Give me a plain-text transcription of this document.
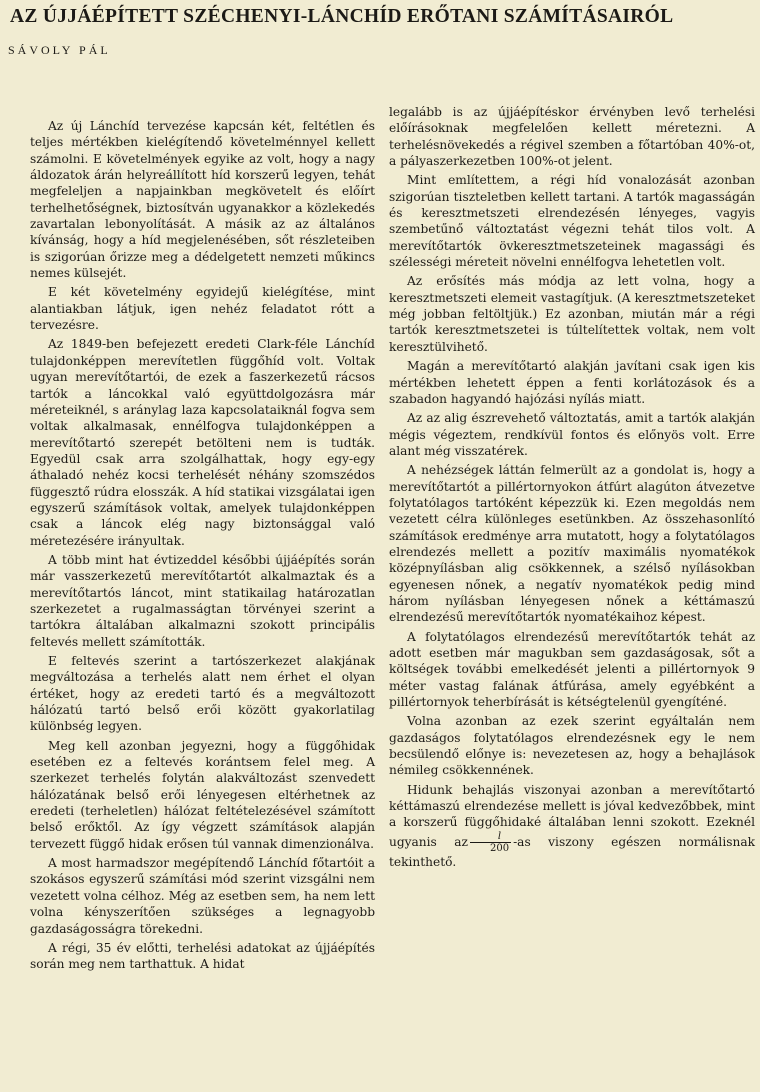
AZ ÚJJÁÉPÍTETT SZÉCHENYI-LÁNCHÍD ERŐTANI SZÁMÍTÁSAIRÓL
SÁVOLY PÁL

Az új Lánchíd tervezése kapcsán két, feltétlen és teljes mértékben kielégítendő követelménnyel kellett számolni. E követelmények egyike az volt, hogy a nagy áldozatok árán helyreállított híd korszerű legyen, tehát megfeleljen a napjainkban megkövetelt és előírt terhelhetőségnek, biztosítván ugyanakkor a közlekedés zavartalan lebonyolítását. A másik az az általános kívánság, hogy a híd megjelenésében, sőt részleteiben is szigorúan őrizze meg a dédelgetett nemzeti műkincs nemes külsejét.

E két követelmény egyidejű kielégítése, mint alantiakban látjuk, igen nehéz feladatot rótt a tervezésre.

Az 1849-ben befejezett eredeti Clark-féle Lánchíd tulajdonképpen merevítetlen függőhíd volt. Voltak ugyan merevítőtartói, de ezek a faszerkezetű rácsos tartók a láncokkal való együttdolgozásra már méreteiknél, s aránylag laza kapcsolataiknál fogva sem voltak alkalmasak, ennélfogva tulajdonképpen a merevítőtartó szerepét betölteni nem is tudták. Egyedül csak arra szolgálhattak, hogy egy-egy áthaladó nehéz kocsi terhelését néhány szomszédos függesztő rúdra elosszák. A híd statikai vizsgálatai igen egyszerű számítások voltak, amelyek tulajdonképpen csak a láncok elég nagy biztonsággal való méretezésére irányultak.

A több mint hat évtizeddel későbbi újjáépítés során már vasszerkezetű merevítőtartót alkalmaztak és a merevítőtartós láncot, mint statikailag határozatlan szerkezetet a rugalmasságtan törvényei szerint a tartókra általában alkalmazni szokott principális feltevés mellett számították.

E feltevés szerint a tartószerkezet alakjának megváltozása a terhelés alatt nem érhet el olyan értéket, hogy az eredeti tartó és a megváltozott hálózatú tartó belső erői között gyakorlatilag különbség legyen.

Meg kell azonban jegyezni, hogy a függőhidak esetében ez a feltevés korántsem felel meg. A szerkezet terhelés folytán alakváltozást szenvedett hálózatának belső erői lényegesen eltérhetnek az eredeti (terheletlen) hálózat feltételezésével számított belső erőktől. Az így végzett számítások alapján tervezett függő hidak erősen túl vannak dimenzionálva.

A most harmadszor megépítendő Lánchíd főtartóit a szokásos egyszerű számítási mód szerint vizsgálni nem vezetett volna célhoz. Még az esetben sem, ha nem lett volna kényszerítően szükséges a legnagyobb gazdaságosságra törekedni.

A régi, 35 év előtti, terhelési adatokat az újjáépítés során meg nem tarthattuk. A hidat

legalább is az újjáépítéskor érvényben levő terhelési előírásoknak megfelelően kellett méretezni. A terhelésnövekedés a régivel szemben a főtartóban 40%-ot, a pályaszerkezetben 100%-ot jelent.

Mint említettem, a régi híd vonalozását azonban szigorúan tiszteletben kellett tartani. A tartók magasságán és keresztmetszeti elrendezésén lényeges, vagyis szembetűnő változtatást végezni tehát tilos volt. A merevítőtartók övkeresztmetszeteinek magassági és szélességi méreteit növelni ennélfogva lehetetlen volt.

Az erősítés más módja az lett volna, hogy a keresztmetszeti elemeit vastagítjuk. (A keresztmetszeteket még jobban feltöltjük.) Ez azonban, miután már a régi tartók keresztmetszetei is túltelítettek voltak, nem volt keresztülvihető.

Magán a merevítőtartó alakján javítani csak igen kis mértékben lehetett éppen a fenti korlátozások és a szabadon hagyandó hajózási nyílás miatt.

Az az alig észrevehető változtatás, amit a tartók alakján mégis végeztem, rendkívül fontos és előnyös volt. Erre alant még visszatérek.

A nehézségek láttán felmerült az a gondolat is, hogy a merevítőtartót a pillértornyokon átfúrt alagúton átvezetve folytatólagos tartóként képezzük ki. Ezen megoldás nem vezetett célra különleges esetünkben. Az összehasonlító számítások eredménye arra mutatott, hogy a folytatólagos elrendezés mellett a pozitív maximális nyomatékok középnyílásban alig csökkennek, a szélső nyílásokban egyenesen nőnek, a negatív nyomatékok pedig mind három nyílásban lényegesen nőnek a kéttámaszú elrendezésű merevítőtartók nyomatékaihoz képest.

A folytatólagos elrendezésű merevítőtartók tehát az adott esetben már magukban sem gazdaságosak, sőt a költségek további emelkedését jelenti a pillértornyok 9 méter vastag falának átfúrása, amely egyébként a pillértornyok teherbírását is kétségtelenül gyengíténé.

Volna azonban az ezek szerint egyáltalán nem gazdaságos folytatólagos elrendezésnek egy le nem becsülendő előnye is: nevezetesen az, hogy a behajlások némileg csökkennének.

Hidunk behajlás viszonyai azonban a merevítőtartó kéttámaszú elrendezése mellett is jóval kedvezőbbek, mint a korszerű függőhidaké általában lenni szokott. Ezeknél ugyanis az $\frac{l}{200} -as$ viszony egészen normálisnak tekinthető.
